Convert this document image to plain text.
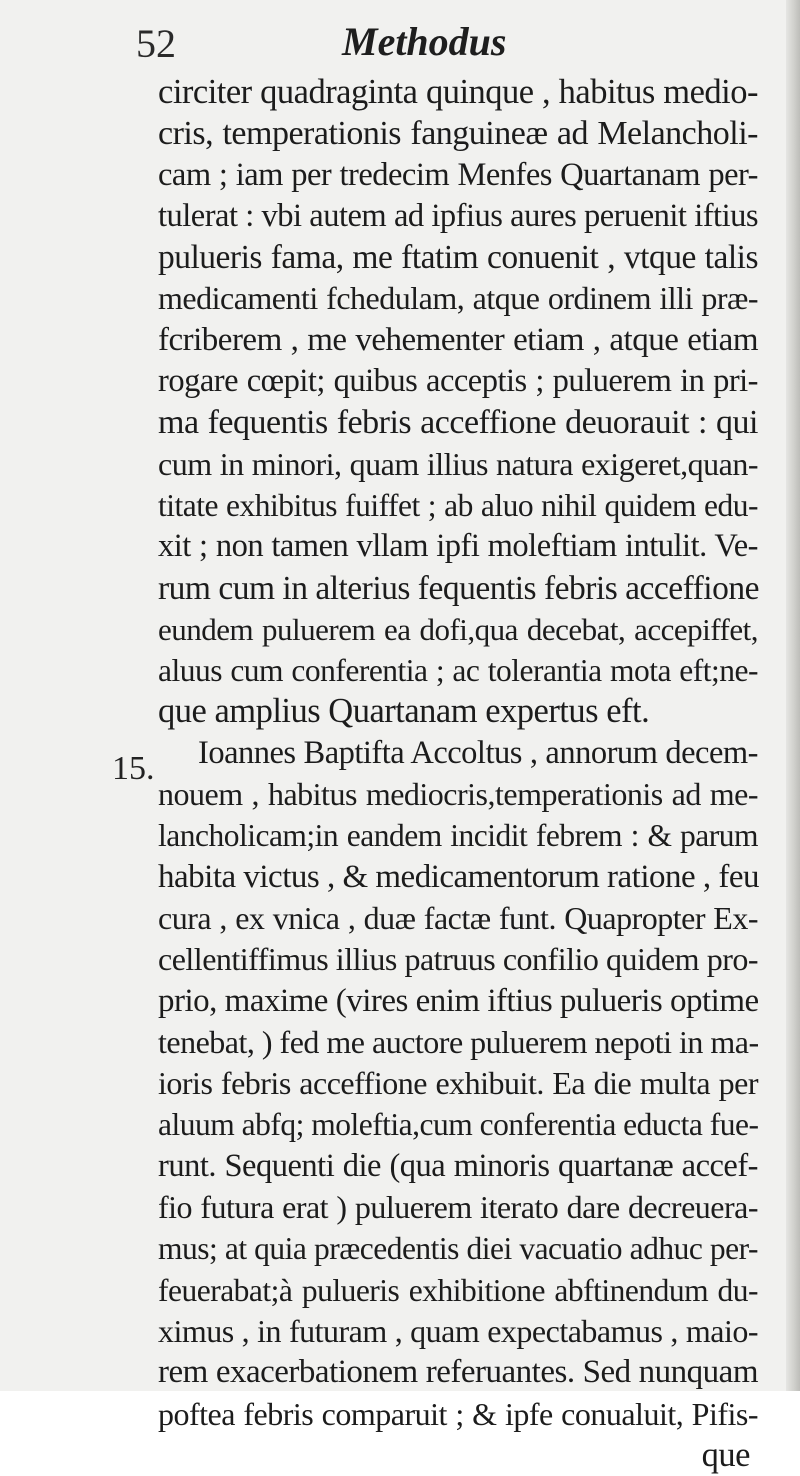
52	Methodus
15.
circiter quadraginta quinque , habitus medio-
cris, temperationis fanguineæ ad Melancholi-
cam ; iam per tredecim Menfes Quartanam per-
tulerat : vbi autem ad ipfius aures peruenit iftius
pulueris fama, me ftatim conuenit , vtque talis
medicamenti fchedulam, atque ordinem illi præ-
fcriberem , me vehementer etiam , atque etiam
rogare cœpit; quibus acceptis ; puluerem in pri-
ma fequentis febris acceffione deuorauit : qui
cum in minori, quam illius natura exigeret,quan-
titate exhibitus fuiffet ; ab aluo nihil quidem edu-
xit ; non tamen vllam ipfi moleftiam intulit. Ve-
rum cum in alterius fequentis febris acceffione
eundem puluerem ea dofi,qua decebat, accepiffet,
aluus cum conferentia ; ac tolerantia mota eft;ne-
que amplius Quartanam expertus eft.
Ioannes Baptifta Accoltus , annorum decem-
nouem , habitus mediocris,temperationis ad me-
lancholicam;in eandem incidit febrem : & parum
habita victus , & medicamentorum ratione , feu
cura , ex vnica , duæ factæ funt. Quapropter Ex-
cellentiffimus illius patruus confilio quidem pro-
prio, maxime (vires enim iftius pulueris optime
tenebat, ) fed me auctore puluerem nepoti in ma-
ioris febris acceffione exhibuit. Ea die multa per
aluum abfq; moleftia,cum conferentia educta fue-
runt. Sequenti die (qua minoris quartanæ accef-
fio futura erat ) puluerem iterato dare decreuera-
mus; at quia præcedentis diei vacuatio adhuc per-
feuerabat;à pulueris exhibitione abftinendum du-
ximus , in futuram , quam expectabamus , maio-
rem exacerbationem referuantes. Sed nunquam
poftea febris comparuit ; & ipfe conualuit, Pifis-
que
